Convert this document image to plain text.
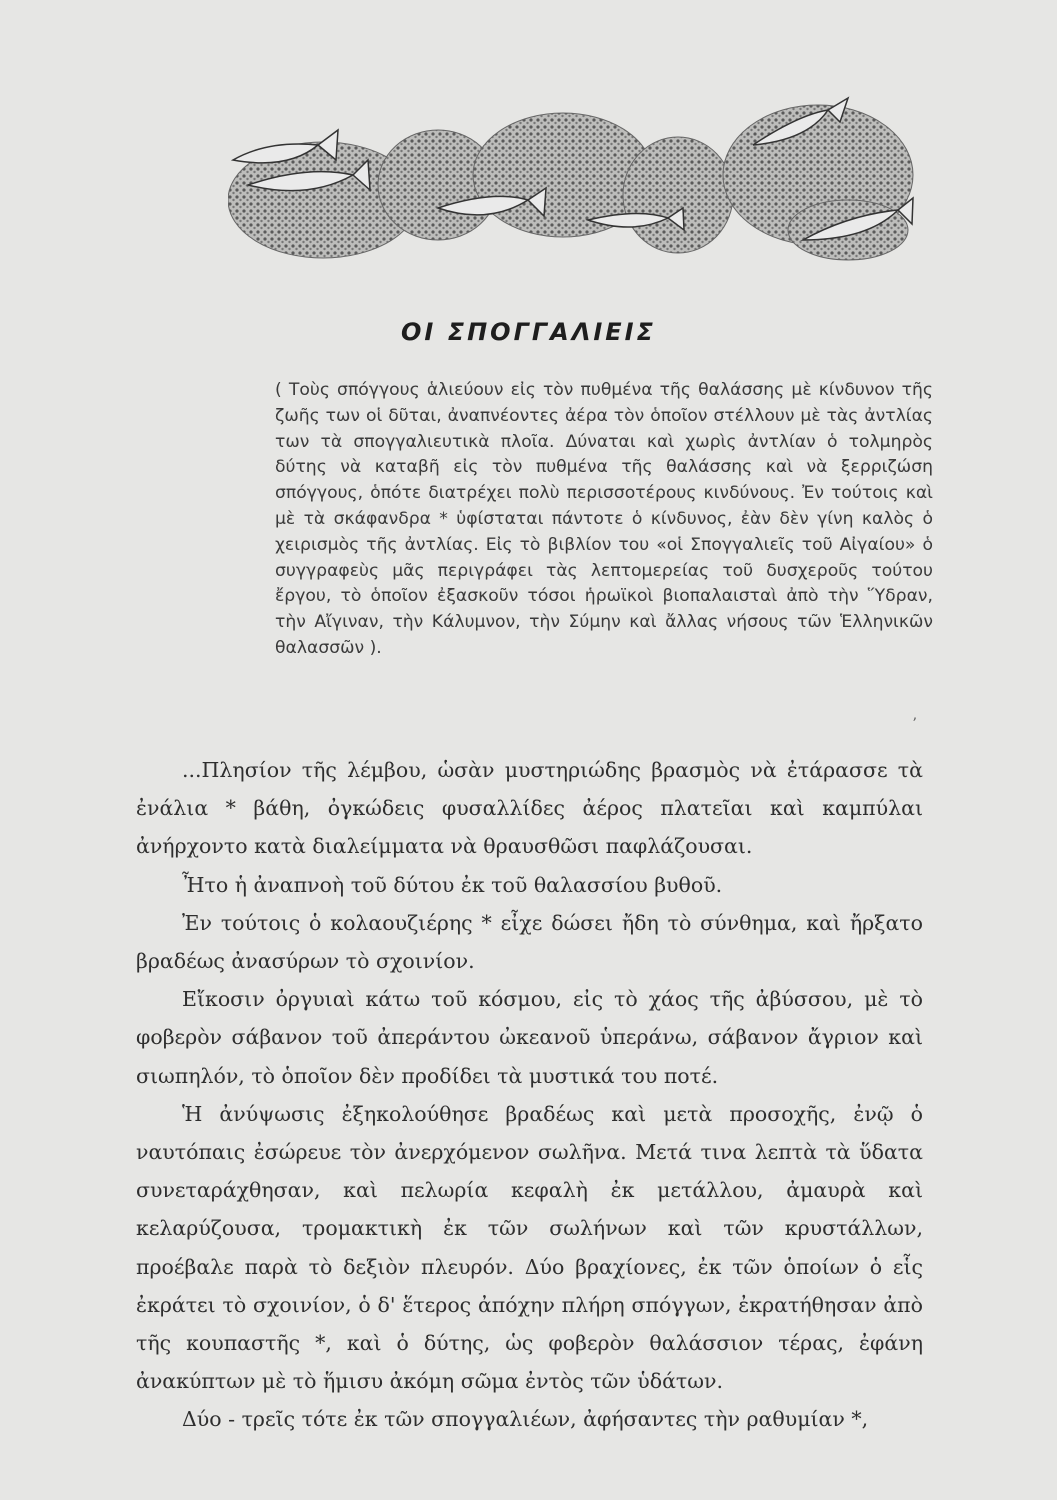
ΟΙ ΣΠΟΓΓΑΛΙΕΙΣ

( Τοὺς σπόγγους ἁλιεύουν εἰς τὸν πυθμένα τῆς θαλάσσης μὲ κίνδυνον τῆς ζωῆς των οἱ δῦται, ἀναπνέοντες ἀέρα τὸν ὁποῖον στέλλουν μὲ τὰς ἀντλίας των τὰ σπογγαλιευτικὰ πλοῖα. Δύναται καὶ χωρὶς ἀντλίαν ὁ τολμηρὸς δύτης νὰ καταβῆ εἰς τὸν πυθμένα τῆς θαλάσσης καὶ νὰ ξερριζώση σπόγγους, ὁπότε διατρέχει πολὺ περισσοτέρους κινδύνους. Ἐν τούτοις καὶ μὲ τὰ σκάφανδρα * ὑφίσταται πάντοτε ὁ κίνδυνος, ἐὰν δὲν γίνη καλὸς ὁ χειρισμὸς τῆς ἀντλίας. Εἰς τὸ βιβλίον του «οἱ Σπογγαλιεῖς τοῦ Αἰγαίου» ὁ συγγραφεὺς μᾶς περιγράφει τὰς λεπτομερείας τοῦ δυσχεροῦς τούτου ἔργου, τὸ ὁποῖον ἐξασκοῦν τόσοι ἡρωϊκοὶ βιοπαλαισταὶ ἀπὸ τὴν Ὕδραν, τὴν Αἴγιναν, τὴν Κάλυμνον, τὴν Σύμην καὶ ἄλλας νήσους τῶν Ἑλληνικῶν θαλασσῶν ).

ʼ

...Πλησίον τῆς λέμβου, ὡσὰν μυστηριώδης βρασμὸς νὰ ἐτάρασσε τὰ ἐνάλια * βάθη, ὀγκώδεις φυσαλλίδες ἀέρος πλατεῖαι καὶ καμπύλαι ἀνήρχοντο κατὰ διαλείμματα νὰ θραυσθῶσι παφλάζουσαι.

Ἦτο ἡ ἀναπνοὴ τοῦ δύτου ἐκ τοῦ θαλασσίου βυθοῦ.

Ἐν τούτοις ὁ κολαουζιέρης * εἶχε δώσει ἤδη τὸ σύνθημα, καὶ ἤρξατο βραδέως ἀνασύρων τὸ σχοινίον.

Εἴκοσιν ὀργυιαὶ κάτω τοῦ κόσμου, εἰς τὸ χάος τῆς ἀβύσσου, μὲ τὸ φοβερὸν σάβανον τοῦ ἀπεράντου ὠκεανοῦ ὑπεράνω, σάβανον ἄγριον καὶ σιωπηλόν, τὸ ὁποῖον δὲν προδίδει τὰ μυστικά του ποτέ.

Ἡ ἀνύψωσις ἐξηκολούθησε βραδέως καὶ μετὰ προσοχῆς, ἐνῷ ὁ ναυτόπαις ἐσώρευε τὸν ἀνερχόμενον σωλῆνα. Μετά τινα λεπτὰ τὰ ὕδατα συνεταράχθησαν, καὶ πελωρία κεφαλὴ ἐκ μετάλλου, ἀμαυρὰ καὶ κελαρύζουσα, τρομακτικὴ ἐκ τῶν σωλήνων καὶ τῶν κρυστάλλων, προέβαλε παρὰ τὸ δεξιὸν πλευρόν. Δύο βραχίονες, ἐκ τῶν ὁποίων ὁ εἷς ἐκράτει τὸ σχοινίον, ὁ δ' ἕτερος ἀπόχην πλήρη σπόγγων, ἐκρατήθησαν ἀπὸ τῆς κουπαστῆς *, καὶ ὁ δύτης, ὡς φοβερὸν θαλάσσιον τέρας, ἐφάνη ἀνακύπτων μὲ τὸ ἥμισυ ἀκόμη σῶμα ἐντὸς τῶν ὑδάτων.

Δύο - τρεῖς τότε ἐκ τῶν σπογγαλιέων, ἀφήσαντες τὴν ραθυμίαν *,
